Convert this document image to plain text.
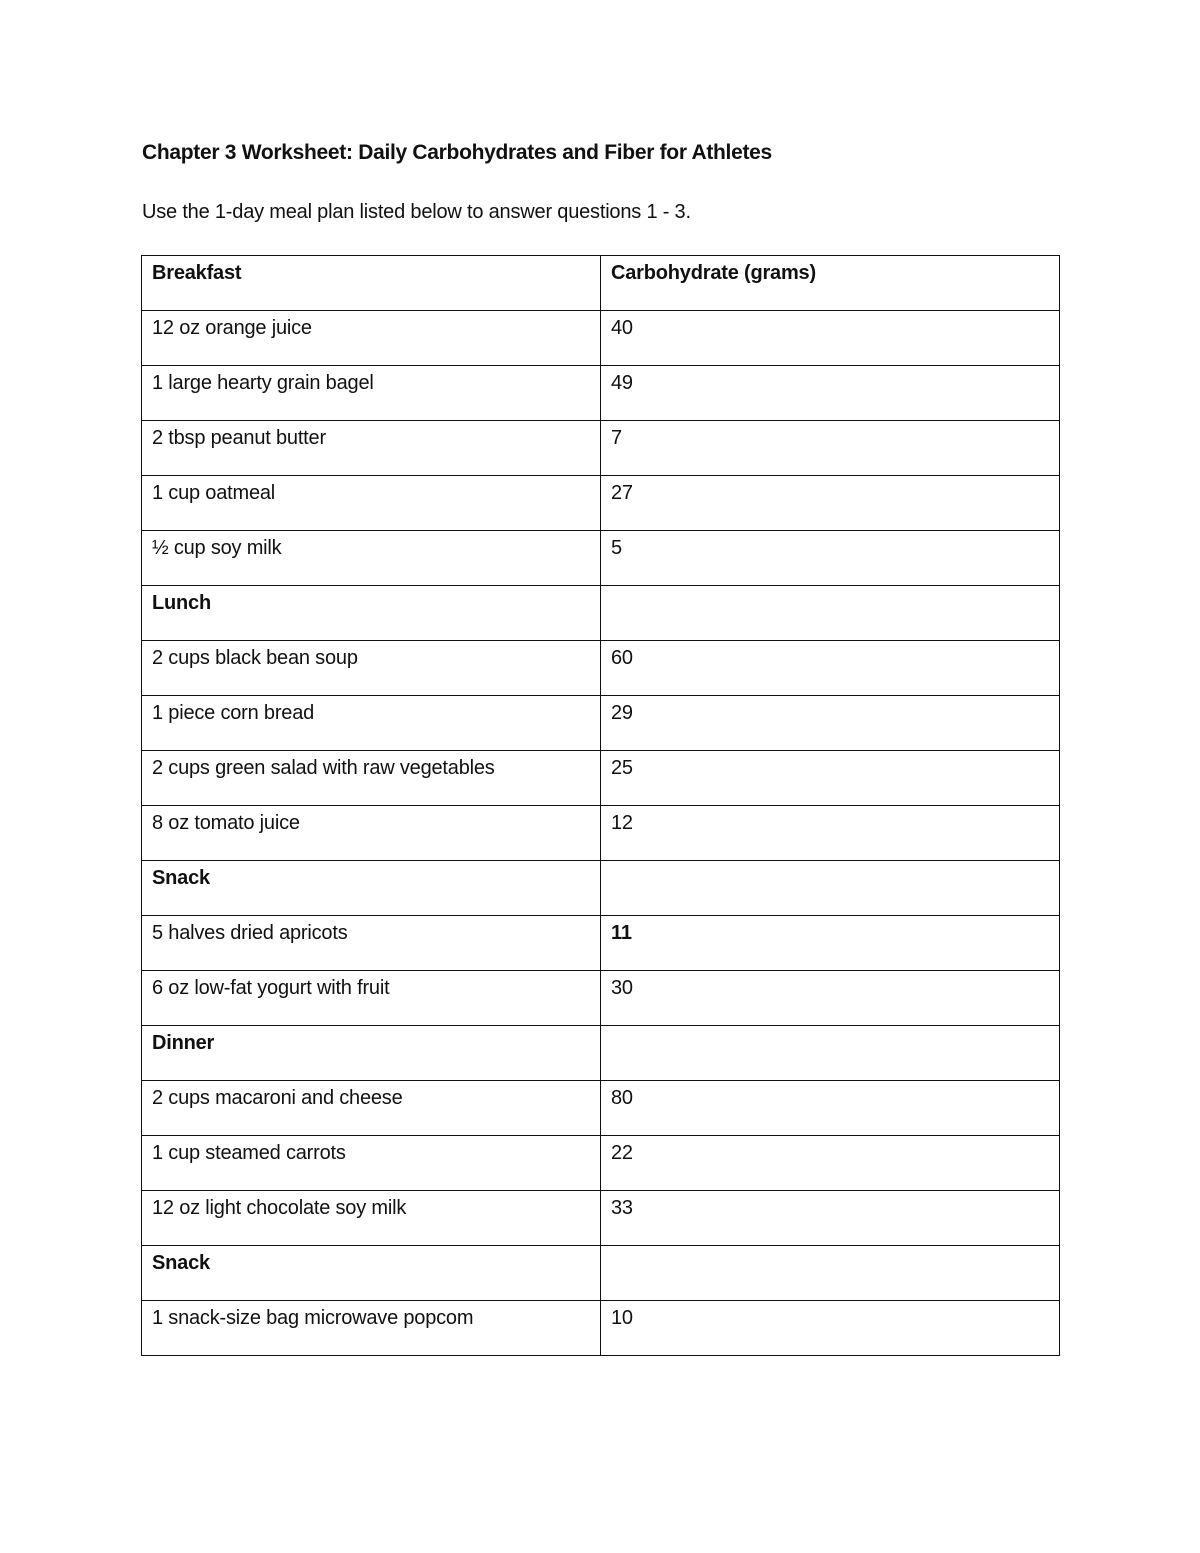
Chapter 3 Worksheet: Daily Carbohydrates and Fiber for Athletes

Use the 1-day meal plan listed below to answer questions 1 - 3.

Breakfast	Carbohydrate (grams)
12 oz orange juice	40
1 large hearty grain bagel	49
2 tbsp peanut butter	7
1 cup oatmeal	27
½ cup soy milk	5
Lunch	
2 cups black bean soup	60
1 piece corn bread	29
2 cups green salad with raw vegetables	25
8 oz tomato juice	12
Snack	
5 halves dried apricots	11
6 oz low-fat yogurt with fruit	30
Dinner	
2 cups macaroni and cheese	80
1 cup steamed carrots	22
12 oz light chocolate soy milk	33
Snack	
1 snack-size bag microwave popcom	10
